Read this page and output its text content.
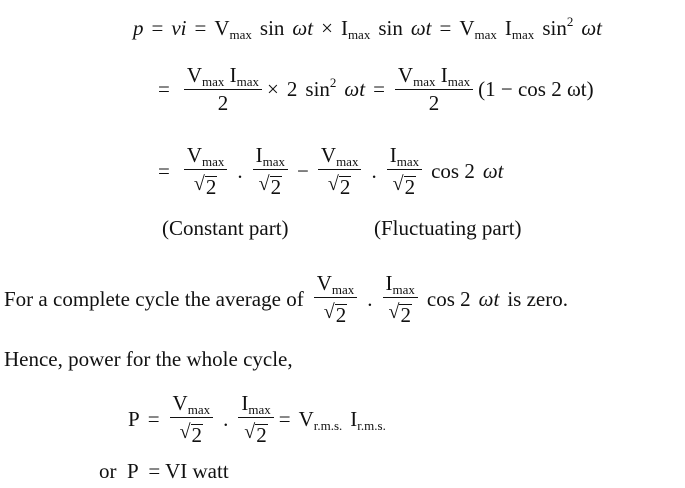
p = vi = $V_{max}$ $\sin \omega t \times I_{max}$ $\sin \omega t = V_{max}$ $I_{max}$ $\sin^2 \omega t$
= $\frac{V_{max} I_{max}}{2} \times 2$ $\sin^2 \omega t = \frac{V_{max} I_{max}}{2} (1 - \cos 2$ ωt)
= $\frac{V_{max}}{√ 2}$ . $\frac{I_{max}}{√ 2} - \frac{V_{max}}{√ 2}$ . $\frac{I_{max}}{√ 2}$ cos 2 ωt
(Constant part)	(Fluctuating part)
For a complete cycle the average of $\frac{V_{max}}{√ 2}$ . $\frac{I_{max}}{√ 2}$ cos 2 ωt is zero.
Hence, power for the whole cycle,
$P = \frac{V_{max}}{√ 2}$ . $\frac{I_{max}}{√ 2} = V_{r.m.s.}$ $I_{r.m.s.}$
or  P  = VI watt
